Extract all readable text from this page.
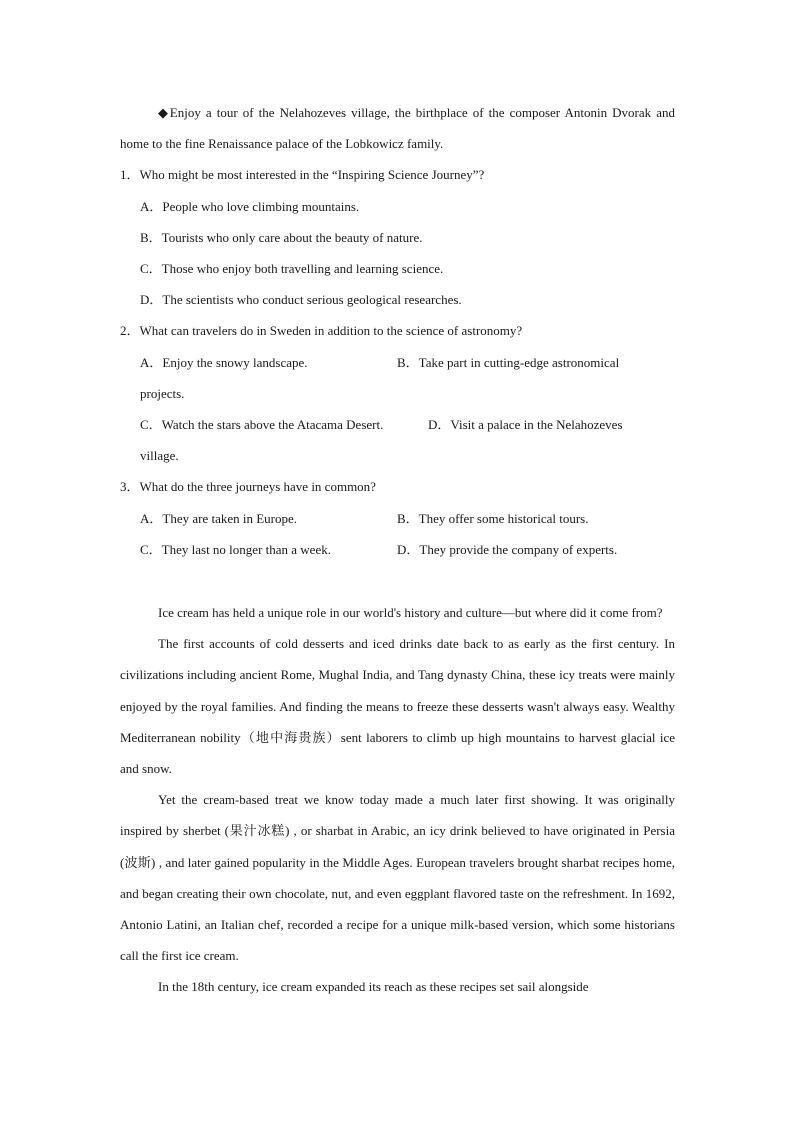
◆Enjoy a tour of the Nelahozeves village, the birthplace of the composer Antonin Dvorak and home to the fine Renaissance palace of the Lobkowicz family.

1．Who might be most interested in the “Inspiring Science Journey”?

A．People who love climbing mountains.

B．Tourists who only care about the beauty of nature.

C．Those who enjoy both travelling and learning science.

D．The scientists who conduct serious geological researches.

2．What can travelers do in Sweden in addition to the science of astronomy?

A．Enjoy the snowy landscape.	B．Take part in cutting-edge astronomical

projects.

C．Watch the stars above the Atacama Desert.	D．Visit a palace in the Nelahozeves

village.

3．What do the three journeys have in common?

A．They are taken in Europe.	B．They offer some historical tours.
C．They last no longer than a week.	D．They provide the company of experts.

Ice cream has held a unique role in our world's history and culture—but where did it come from?

The first accounts of cold desserts and iced drinks date back to as early as the first century. In civilizations including ancient Rome, Mughal India, and Tang dynasty China, these icy treats were mainly enjoyed by the royal families. And finding the means to freeze these desserts wasn't always easy. Wealthy Mediterranean nobility（地中海贵族）sent laborers to climb up high mountains to harvest glacial ice and snow.

Yet the cream-based treat we know today made a much later first showing. It was originally inspired by sherbet (果汁冰糕) , or sharbat in Arabic, an icy drink believed to have originated in Persia (波斯) , and later gained popularity in the Middle Ages. European travelers brought sharbat recipes home, and began creating their own chocolate, nut, and even eggplant flavored taste on the refreshment. In 1692, Antonio Latini, an Italian chef, recorded a recipe for a unique milk-based version, which some historians call the first ice cream.

In the 18th century, ice cream expanded its reach as these recipes set sail alongside
